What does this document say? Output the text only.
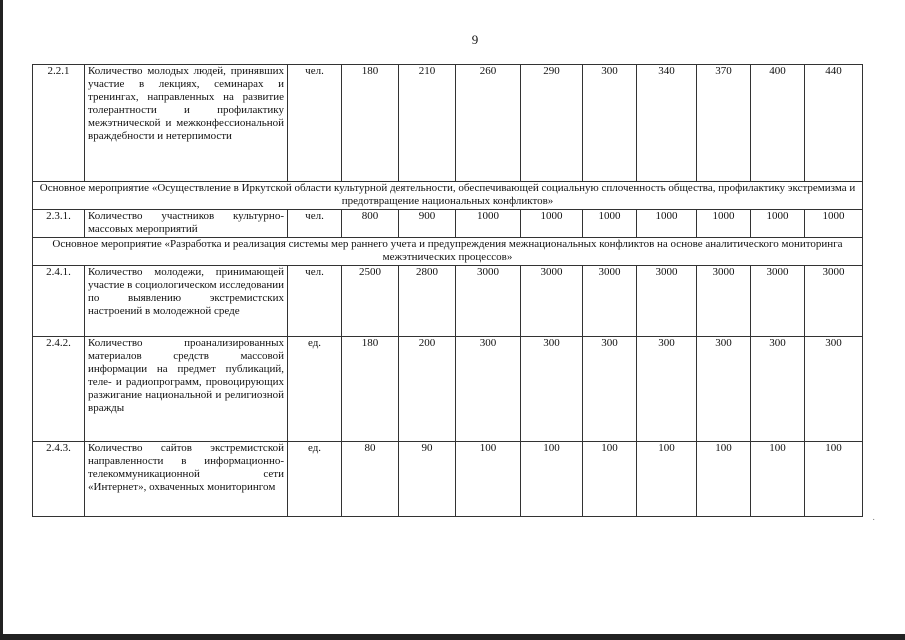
9
2.2.1	Количество молодых людей, принявших участие в лекциях, семинарах и тренингах, направленных на развитие толерантности и профилактику межэтнической и межконфессиональной враждебности и нетерпимости	чел.	180	210	260	290	300	340	370	400	440
Основное мероприятие «Осуществление в Иркутской области культурной деятельности, обеспечивающей социальную сплоченность общества, профилактику экстремизма и предотвращение национальных конфликтов»											
2.3.1.	Количество участников культурно-массовых мероприятий	чел.	800	900	1000	1000	1000	1000	1000	1000	1000
Основное мероприятие «Разработка и реализация системы мер раннего учета и предупреждения межнациональных конфликтов на основе аналитического мониторинга межэтнических процессов»											
2.4.1.	Количество молодежи, принимающей участие в социологическом исследовании по выявлению экстремистских настроений в молодежной среде	чел.	2500	2800	3000	3000	3000	3000	3000	3000	3000
2.4.2.	Количество проанализированных материалов средств массовой информации на предмет публикаций, теле- и радиопрограмм, провоцирующих разжигание национальной и религиозной вражды	ед.	180	200	300	300	300	300	300	300	300
2.4.3.	Количество сайтов экстремистской направленности в информационно-телекоммуникационной сети «Интернет», охваченных мониторингом	ед.	80	90	100	100	100	100	100	100	100
˙
